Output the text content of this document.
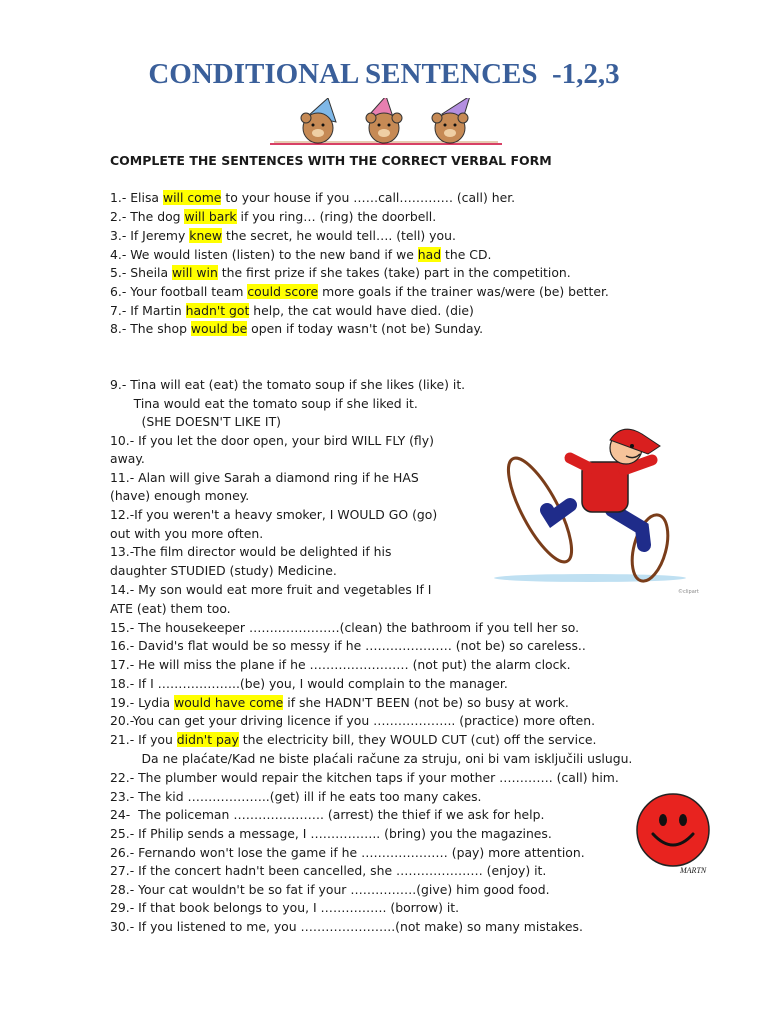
CONDITIONAL SENTENCES  -1,2,3
COMPLETE THE SENTENCES WITH THE CORRECT VERBAL FORM
1.- Elisa will come to your house if you ……call…………. (call) her.
2.- The dog will bark if you ring… (ring) the doorbell.
3.- If Jeremy knew the secret, he would tell…. (tell) you.
4.- We would listen (listen) to the new band if we had the CD.
5.- Sheila will win the first prize if she takes (take) part in the competition.
6.- Your football team could score more goals if the trainer was/were (be) better.
7.- If Martin hadn't got help, the cat would have died. (die)
8.- The shop would be open if today wasn't (not be) Sunday.
9.- Tina will eat (eat) the tomato soup if she likes (like) it.
Tina would eat the tomato soup if she liked it.
(SHE DOESN'T LIKE IT)
10.- If you let the door open, your bird WILL FLY (fly)
away.
11.- Alan will give Sarah a diamond ring if he HAS
(have) enough money.
12.-If you weren't a heavy smoker, I WOULD GO (go)
out with you more often.
13.-The film director would be delighted if his
daughter STUDIED (study) Medicine.
14.- My son would eat more fruit and vegetables If I
ATE (eat) them too.
15.- The housekeeper …….……………(clean) the bathroom if you tell her so.
16.- David's flat would be so messy if he ………………… (not be) so careless..
17.- He will miss the plane if he …………………… (not put) the alarm clock.
18.- If I ………………..(be) you, I would complain to the manager.
19.- Lydia would have come if she HADN'T BEEN (not be) so busy at work.
20.-You can get your driving licence if you ……………….. (practice) more often.
21.- If you didn't pay the electricity bill, they WOULD CUT (cut) off the service.
Da ne plaćate/Kad ne biste plaćali račune za struju, oni bi vam isključili uslugu.
22.- The plumber would repair the kitchen taps if your mother …………. (call) him.
23.- The kid ………………..(get) ill if he eats too many cakes.
24-  The policeman …………………. (arrest) the thief if we ask for help.
25.- If Philip sends a message, I …………….. (bring) you the magazines.
26.- Fernando won't lose the game if he ………………… (pay) more attention.
27.- If the concert hadn't been cancelled, she ………………… (enjoy) it.
28.- Your cat wouldn't be so fat if your …………….(give) him good food.
29.- If that book belongs to you, I ……………. (borrow) it.
30.- If you listened to me, you …………………..(not make) so many mistakes.
©clipart
MARTN
